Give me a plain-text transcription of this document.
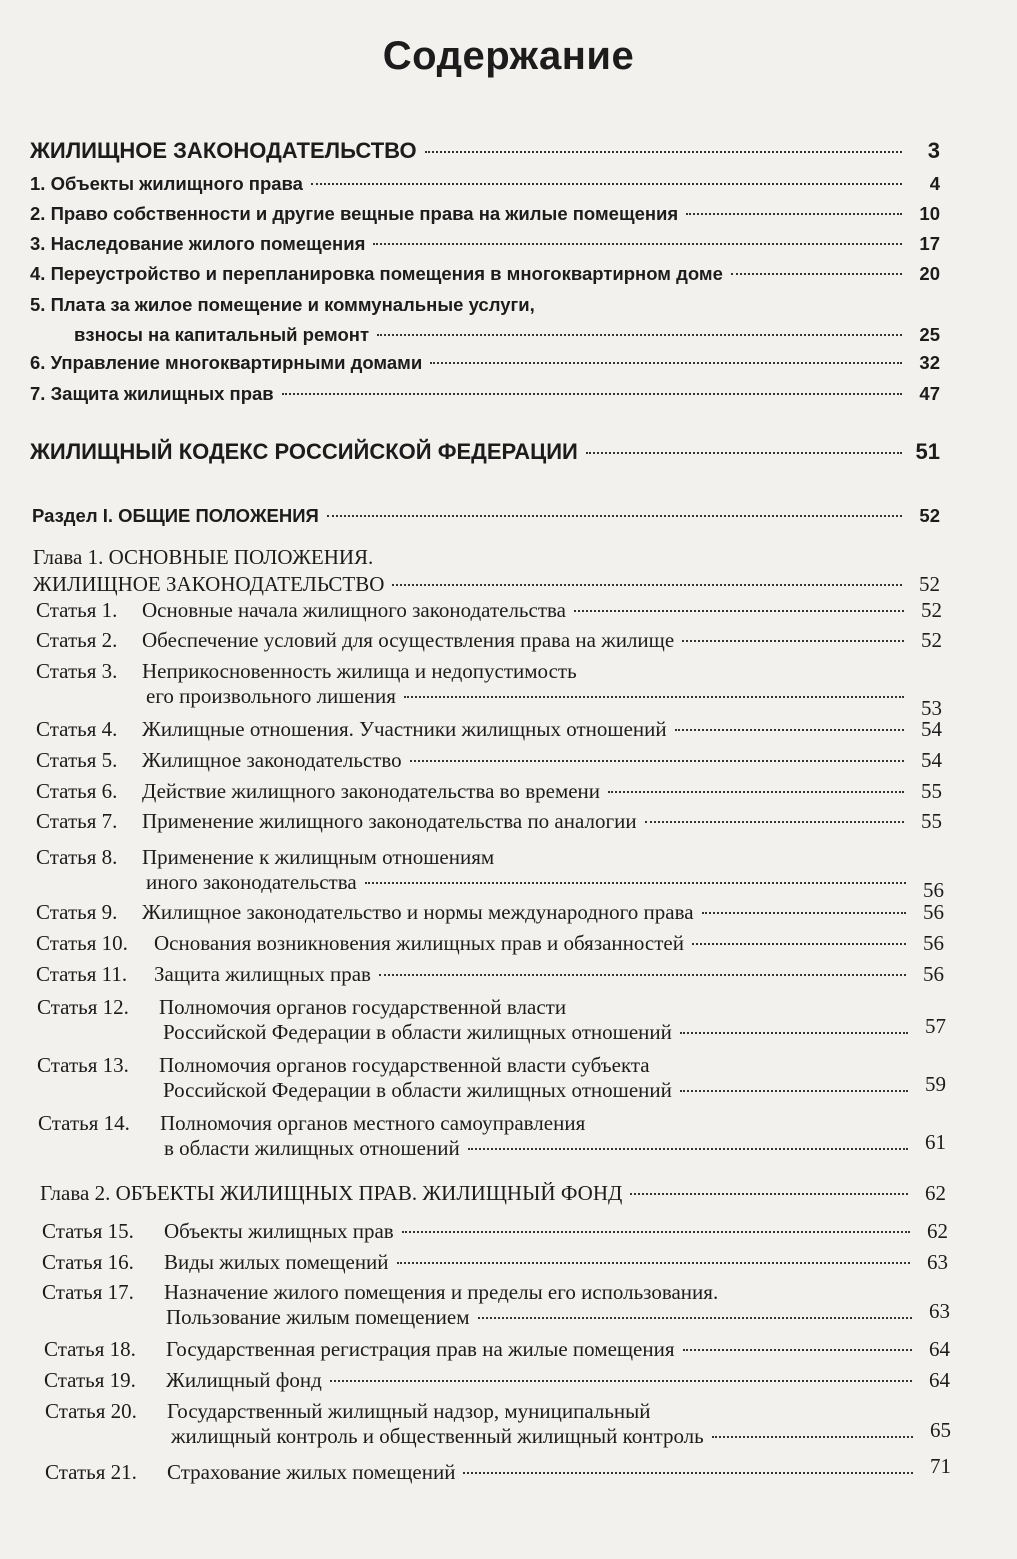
Содержание
ЖИЛИЩНОЕ ЗАКОНОДАТЕЛЬСТВО	3
1. Объекты жилищного права	4
2. Право собственности и другие вещные права на жилые помещения	10
3. Наследование жилого помещения	17
4. Переустройство и перепланировка помещения в многоквартирном доме	20
5. Плата за жилое помещение и коммунальные услуги,
взносы на капитальный ремонт	25
6. Управление многоквартирными домами	32
7. Защита жилищных прав	47
ЖИЛИЩНЫЙ КОДЕКС РОССИЙСКОЙ ФЕДЕРАЦИИ	51
Раздел I. ОБЩИЕ ПОЛОЖЕНИЯ	52
Глава 1. ОСНОВНЫЕ ПОЛОЖЕНИЯ.
ЖИЛИЩНОЕ ЗАКОНОДАТЕЛЬСТВО	52
Статья 1.	Основные начала жилищного законодательства	52
Статья 2.	Обеспечение условий для осуществления права на жилище	52
Статья 3.	Неприкосновенность жилища и недопустимость
его произвольного лишения	53
Статья 4.	Жилищные отношения. Участники жилищных отношений	54
Статья 5.	Жилищное законодательство	54
Статья 6.	Действие жилищного законодательства во времени	55
Статья 7.	Применение жилищного законодательства по аналогии	55
Статья 8.	Применение к жилищным отношениям
иного законодательства	56
Статья 9.	Жилищное законодательство и нормы международного права	56
Статья 10.	Основания возникновения жилищных прав и обязанностей	56
Статья 11.	Защита жилищных прав	56
Статья 12.	Полномочия органов государственной власти
Российской Федерации в области жилищных отношений	57
Статья 13.	Полномочия органов государственной власти субъекта
Российской Федерации в области жилищных отношений	59
Статья 14.	Полномочия органов местного самоуправления
в области жилищных отношений	61
Глава 2. ОБЪЕКТЫ ЖИЛИЩНЫХ ПРАВ. ЖИЛИЩНЫЙ ФОНД	62
Статья 15.	Объекты жилищных прав	62
Статья 16.	Виды жилых помещений	63
Статья 17.	Назначение жилого помещения и пределы его использования.
Пользование жилым помещением	63
Статья 18.	Государственная регистрация прав на жилые помещения	64
Статья 19.	Жилищный фонд	64
Статья 20.	Государственный жилищный надзор, муниципальный
жилищный контроль и общественный жилищный контроль	65
Статья 21.	Страхование жилых помещений	71
